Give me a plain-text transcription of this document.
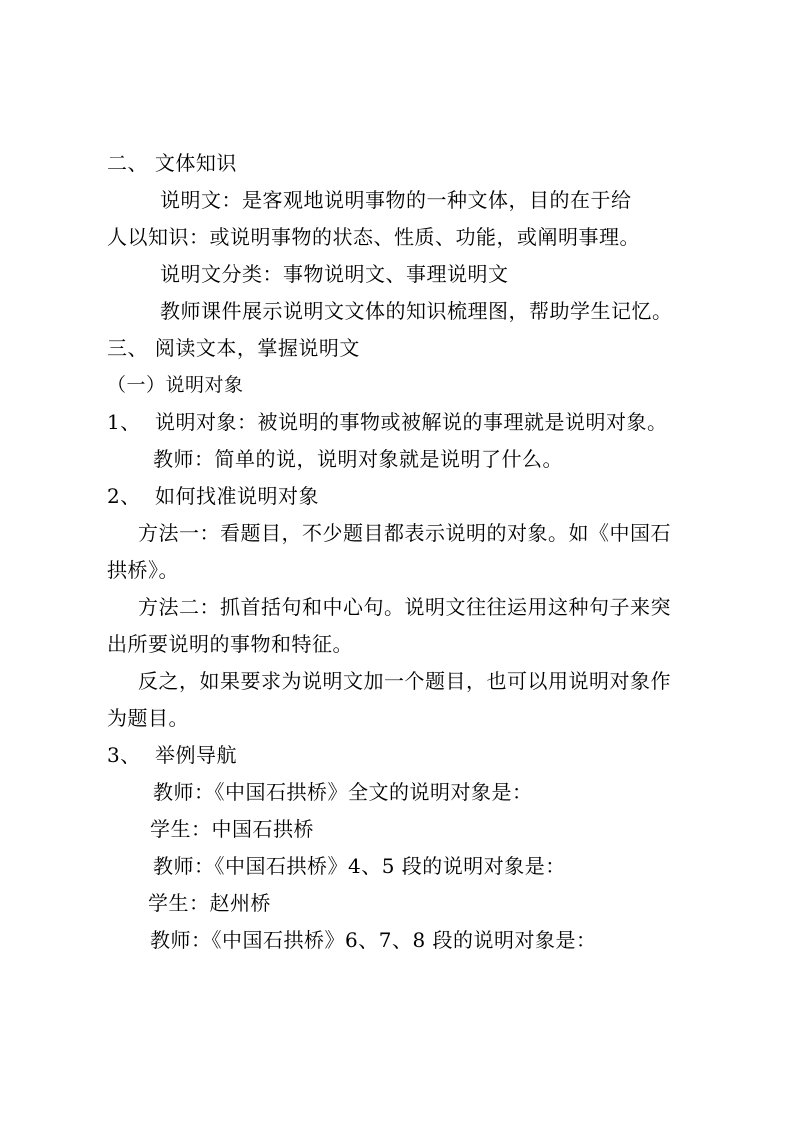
二、 文体知识
说明文：是客观地说明事物的一种文体，目的在于给
人以知识：或说明事物的状态、性质、功能，或阐明事理。
说明文分类：事物说明文、事理说明文
教师课件展示说明文文体的知识梳理图，帮助学生记忆。
三、 阅读文本，掌握说明文
（一）说明对象
1、 说明对象：被说明的事物或被解说的事理就是说明对象。
教师：简单的说，说明对象就是说明了什么。
2、 如何找准说明对象
方法一：看题目，不少题目都表示说明的对象。如《中国石
拱桥》。
方法二：抓首括句和中心句。说明文往往运用这种句子来突
出所要说明的事物和特征。
反之，如果要求为说明文加一个题目，也可以用说明对象作
为题目。
3、 举例导航
教师：《中国石拱桥》全文的说明对象是：
学生：中国石拱桥
教师：《中国石拱桥》4、5 段的说明对象是：
学生：赵州桥
教师：《中国石拱桥》6、7、8 段的说明对象是：
